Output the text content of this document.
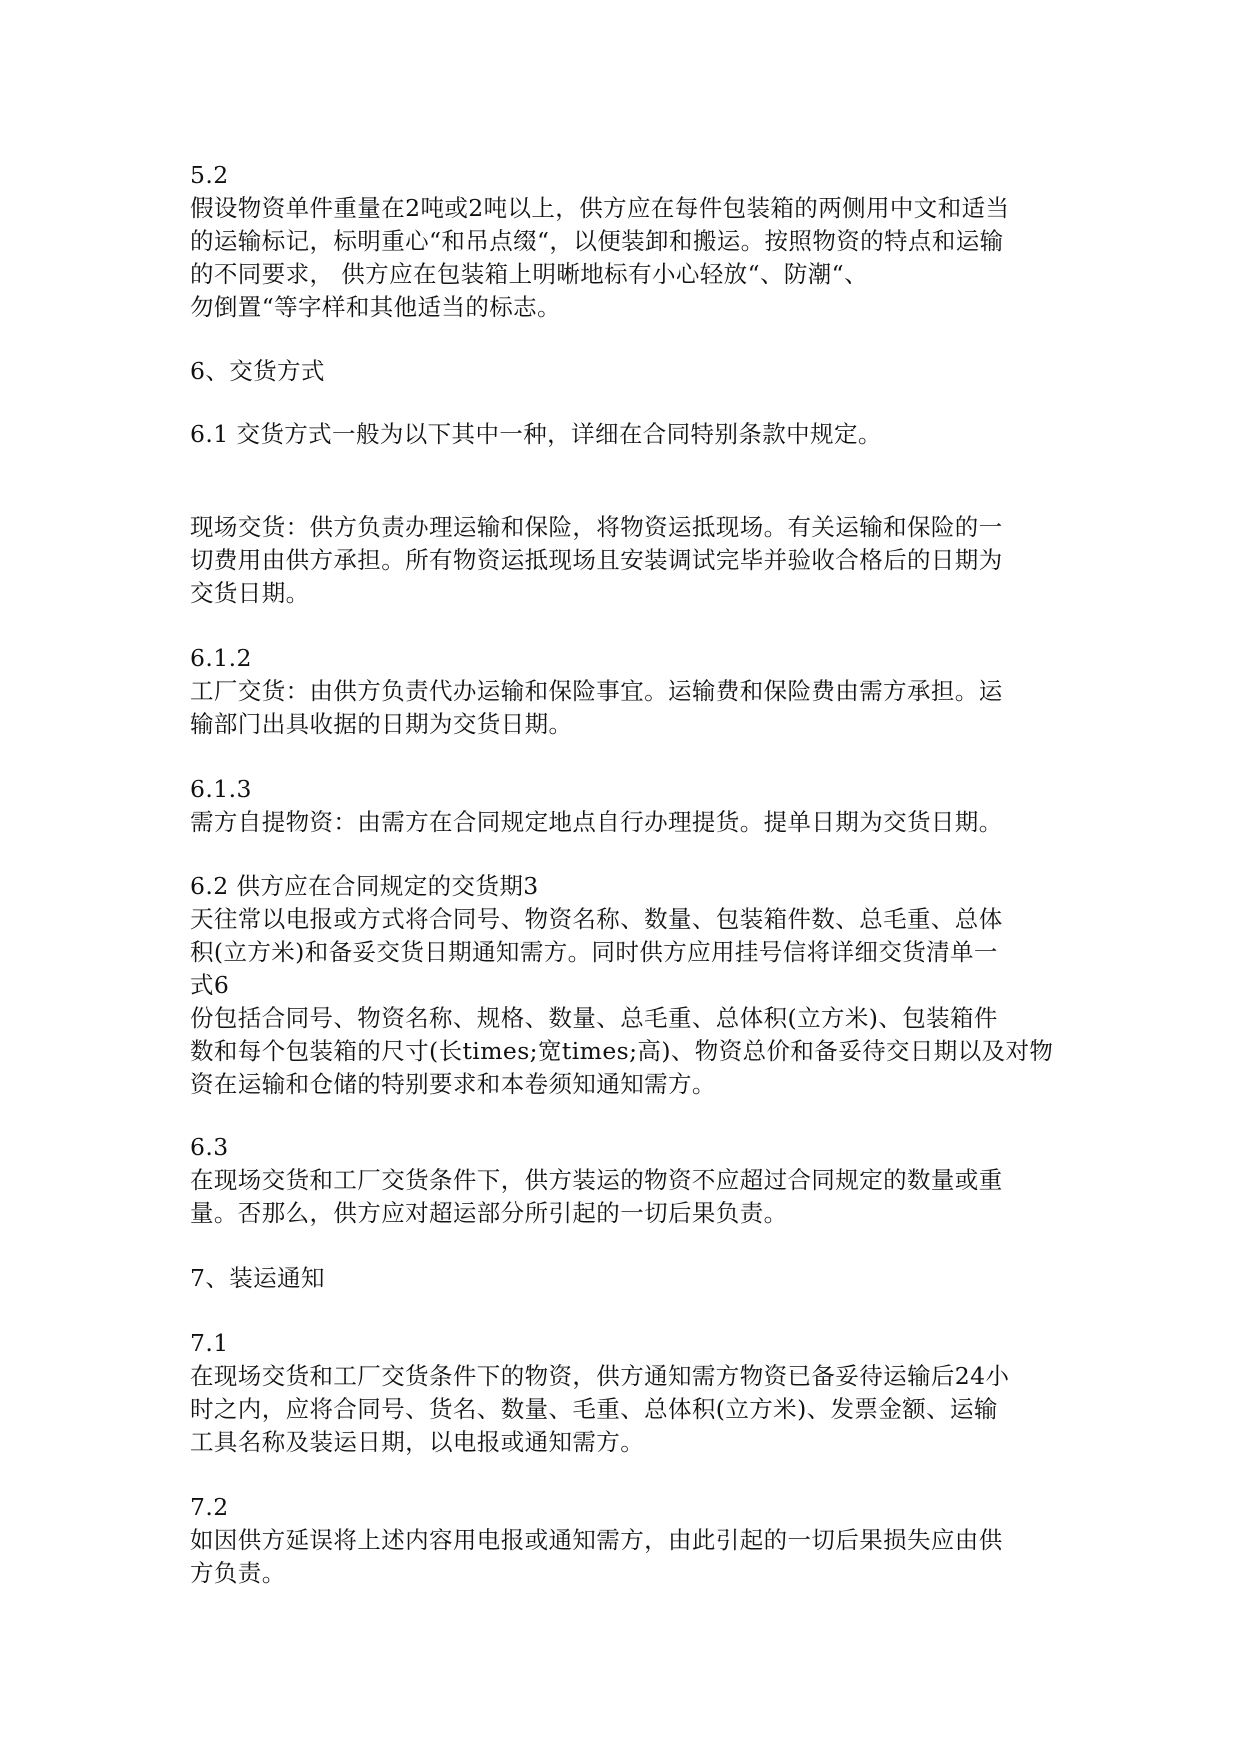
5.2
假设物资单件重量在2吨或2吨以上，供方应在每件包装箱的两侧用中文和适当
的运输标记，标明重心“和吊点缀“，以便装卸和搬运。按照物资的特点和运输
的不同要求， 供方应在包装箱上明晰地标有小心轻放“、防潮“、
勿倒置“等字样和其他适当的标志。
6、交货方式
6.1 交货方式一般为以下其中一种，详细在合同特别条款中规定。
现场交货：供方负责办理运输和保险，将物资运抵现场。有关运输和保险的一
切费用由供方承担。所有物资运抵现场且安装调试完毕并验收合格后的日期为
交货日期。
6.1.2
工厂交货：由供方负责代办运输和保险事宜。运输费和保险费由需方承担。运
输部门出具收据的日期为交货日期。
6.1.3
需方自提物资：由需方在合同规定地点自行办理提货。提单日期为交货日期。
6.2 供方应在合同规定的交货期3
天往常以电报或方式将合同号、物资名称、数量、包装箱件数、总毛重、总体
积(立方米)和备妥交货日期通知需方。同时供方应用挂号信将详细交货清单一
式6
份包括合同号、物资名称、规格、数量、总毛重、总体积(立方米)、包装箱件
数和每个包装箱的尺寸(长times;宽times;高)、物资总价和备妥待交日期以及对物
资在运输和仓储的特别要求和本卷须知通知需方。
6.3
在现场交货和工厂交货条件下，供方装运的物资不应超过合同规定的数量或重
量。否那么，供方应对超运部分所引起的一切后果负责。
7、装运通知
7.1
在现场交货和工厂交货条件下的物资，供方通知需方物资已备妥待运输后24小
时之内，应将合同号、货名、数量、毛重、总体积(立方米)、发票金额、运输
工具名称及装运日期，以电报或通知需方。
7.2
如因供方延误将上述内容用电报或通知需方，由此引起的一切后果损失应由供
方负责。
